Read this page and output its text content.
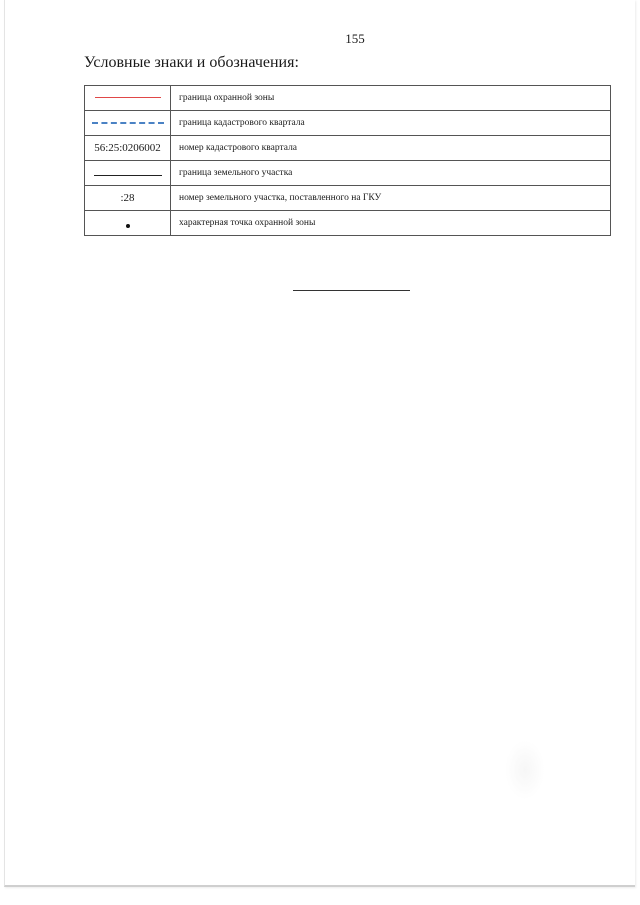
155
Условные знаки и обозначения:
	граница охранной зоны
	граница кадастрового квартала
56:25:0206002	номер кадастрового квартала
	граница земельного участка
:28	номер земельного участка, поставленного на ГКУ
	характерная точка охранной зоны
